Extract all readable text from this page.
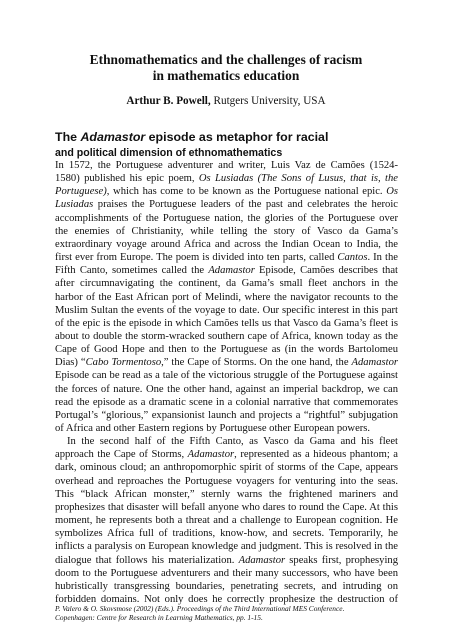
Ethnomathematics and the challenges of racism
in mathematics education
Arthur B. Powell, Rutgers University, USA
The Adamastor episode as metaphor for racial
and political dimension of ethnomathematics
In 1572, the Portuguese adventurer and writer, Luis Vaz de Camões (1524-
1580) published his epic poem, Os Lusiadas (The Sons of Lusus, that is, the
Portuguese), which has come to be known as the Portuguese national epic. Os
Lusiadas praises the Portuguese leaders of the past and celebrates the heroic
accomplishments of the Portuguese nation, the glories of the Portuguese over
the enemies of Christianity, while telling the story of Vasco da Gama’s
extraordinary voyage around Africa and across the Indian Ocean to India, the
first ever from Europe. The poem is divided into ten parts, called Cantos. In the
Fifth Canto, sometimes called the Adamastor Episode, Camões describes that
after circumnavigating the continent, da Gama’s small fleet anchors in the
harbor of the East African port of Melindi, where the navigator recounts to the
Muslim Sultan the events of the voyage to date. Our specific interest in this part
of the epic is the episode in which Camões tells us that Vasco da Gama’s fleet is
about to double the storm-wracked southern cape of Africa, known today as the
Cape of Good Hope and then to the Portuguese as (in the words Bartolomeu
Dias) “Cabo Tormentoso,” the Cape of Storms. On the one hand, the Adamastor
Episode can be read as a tale of the victorious struggle of the Portuguese against
the forces of nature. One the other hand, against an imperial backdrop, we can
read the episode as a dramatic scene in a colonial narrative that commemorates
Portugal’s “glorious,” expansionist launch and projects a “rightful” subjugation
of Africa and other Eastern regions by Portuguese other European powers.
In the second half of the Fifth Canto, as Vasco da Gama and his fleet
approach the Cape of Storms, Adamastor, represented as a hideous phantom; a
dark, ominous cloud; an anthropomorphic spirit of storms of the Cape, appears
overhead and reproaches the Portuguese voyagers for venturing into the seas.
This “black African monster,” sternly warns the frightened mariners and
prophesizes that disaster will befall anyone who dares to round the Cape. At this
moment, he represents both a threat and a challenge to European cognition. He
symbolizes Africa full of traditions, know-how, and secrets. Temporarily, he
inflicts a paralysis on European knowledge and judgment. This is resolved in the
dialogue that follows his materialization. Adamastor speaks first, prophesying
doom to the Portuguese adventurers and their many successors, who have been
hubristically transgressing boundaries, penetrating secrets, and intruding on
forbidden domains. Not only does he correctly prophesize the destruction of
P. Valero & O. Skovsmose (2002) (Eds.). Proceedings of the Third International MES Conference.
Copenhagen: Centre for Research in Learning Mathematics, pp. 1-15.
